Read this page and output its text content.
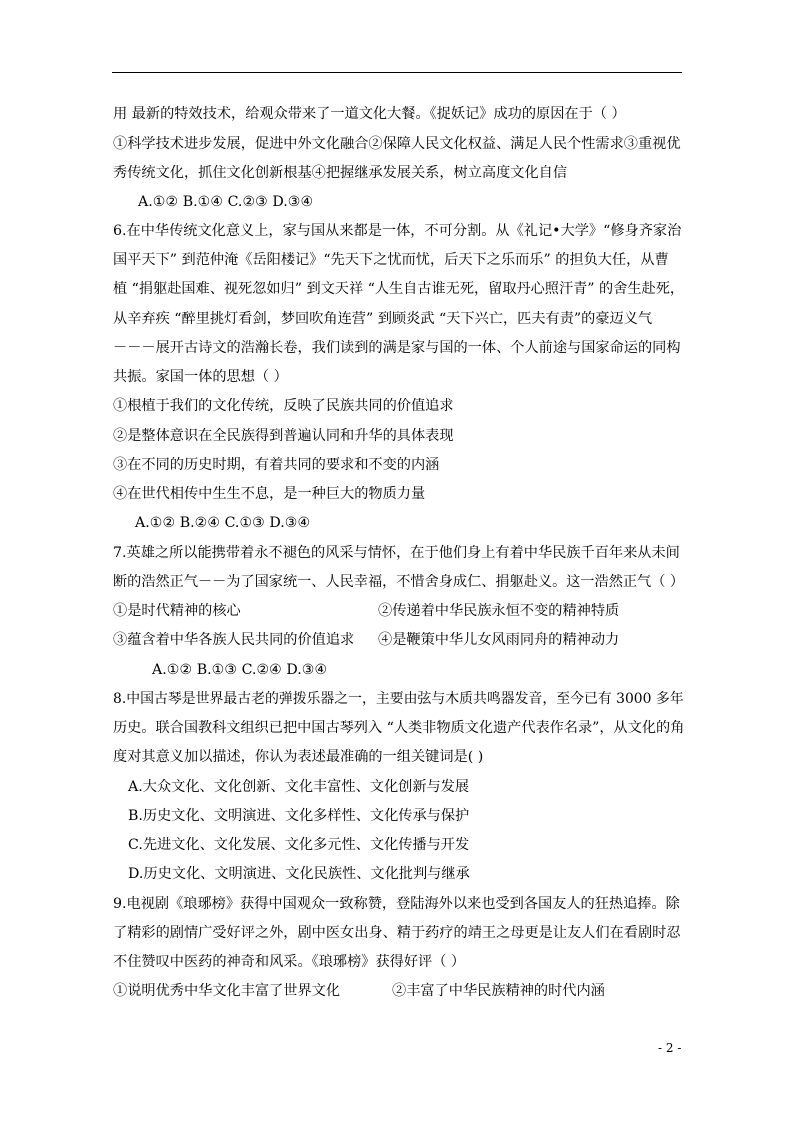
用 最新的特效技术，给观众带来了一道文化大餐。《捉妖记》成功的原因在于（ ）
①科学技术进步发展，促进中外文化融合②保障人民文化权益、满足人民个性需求③重视优
秀传统文化，抓住文化创新根基④把握继承发展关系，树立高度文化自信
A.①② B.①④ C.②③ D.③④
6.在中华传统文化意义上，家与国从来都是一体，不可分割。从《礼记•大学》“修身齐家治
国平天下” 到范仲淹《岳阳楼记》“先天下之忧而忧，后天下之乐而乐” 的担负大任，从曹
植 “捐躯赴国难、视死忽如归” 到文天祥 “人生自古谁无死，留取丹心照汗青” 的舍生赴死，
从辛弃疾 “醉里挑灯看剑，梦回吹角连营” 到顾炎武 “天下兴亡，匹夫有责”的豪迈义气
－－－展开古诗文的浩瀚长卷，我们读到的满是家与国的一体、个人前途与国家命运的同构
共振。家国一体的思想（ ）
①根植于我们的文化传统，反映了民族共同的价值追求
②是整体意识在全民族得到普遍认同和升华的具体表现
③在不同的历史时期，有着共同的要求和不变的内涵
④在世代相传中生生不息，是一种巨大的物质力量
A.①② B.②④ C.①③ D.③④
7.英雄之所以能携带着永不褪色的风采与情怀，在于他们身上有着中华民族千百年来从未间
断的浩然正气－－为了国家统一、人民幸福，不惜舍身成仁、捐躯赴义。这一浩然正气（ ）
①是时代精神的核心	②传递着中华民族永恒不变的精神特质
③蕴含着中华各族人民共同的价值追求 ④是鞭策中华儿女风雨同舟的精神动力
A.①② B.①③ C.②④ D.③④
8.中国古琴是世界最古老的弹拨乐器之一，主要由弦与木质共鸣器发音，至今已有 3000 多年
历史。联合国教科文组织已把中国古琴列入 “人类非物质文化遗产代表作名录”，从文化的角
度对其意义加以描述，你认为表述最准确的一组关键词是( )
A.大众文化、文化创新、文化丰富性、文化创新与发展
B.历史文化、文明演进、文化多样性、文化传承与保护
C.先进文化、文化发展、文化多元性、文化传播与开发
D.历史文化、文明演进、文化民族性、文化批判与继承
9.电视剧《琅琊榜》获得中国观众一致称赞，登陆海外以来也受到各国友人的狂热追捧。除
了精彩的剧情广受好评之外，剧中医女出身、精于药疗的靖王之母更是让友人们在看剧时忍
不住赞叹中医药的神奇和风采。《琅琊榜》获得好评（ ）
①说明优秀中华文化丰富了世界文化	②丰富了中华民族精神的时代内涵
- 2 -
